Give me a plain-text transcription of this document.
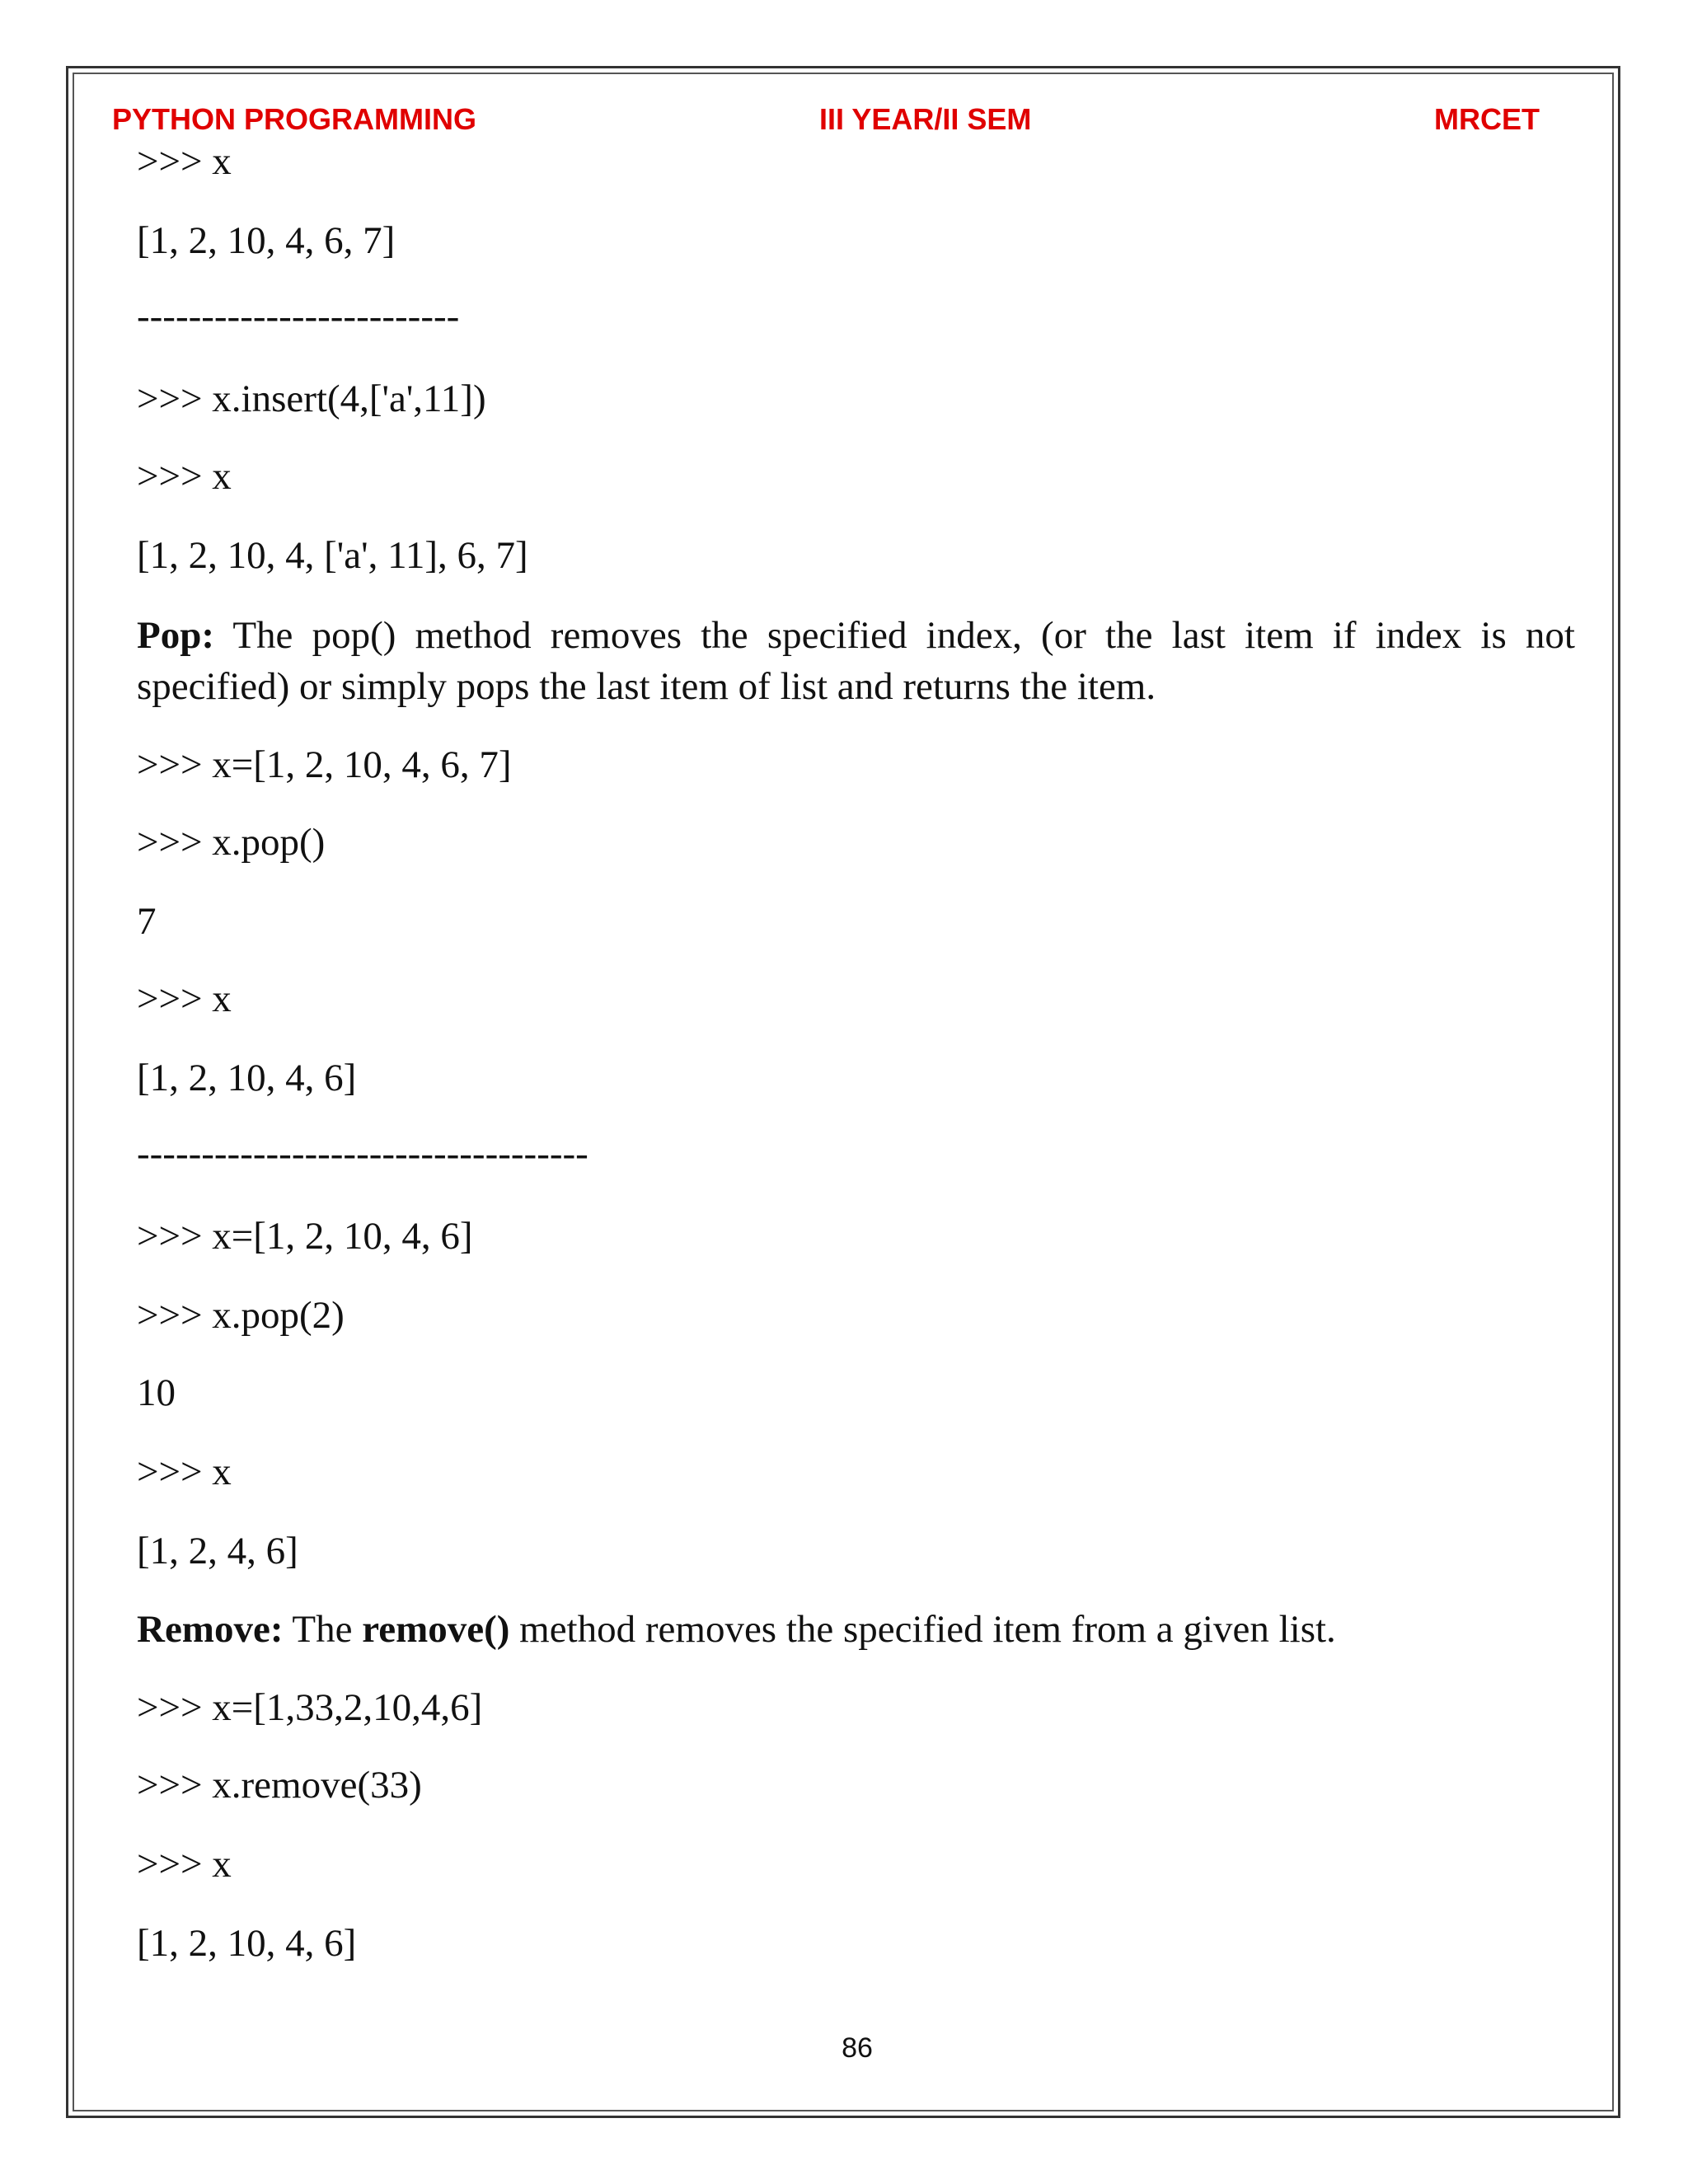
PYTHON PROGRAMMING	III YEAR/II SEM	MRCET
>>> x
[1, 2, 10, 4, 6, 7]
-------------------------
>>> x.insert(4,['a',11])
>>> x
[1, 2, 10, 4, ['a', 11], 6, 7]
Pop: The pop() method removes the specified index, (or the last item if index is not specified) or simply pops the last item of list and returns the item.
>>> x=[1, 2, 10, 4, 6, 7]
>>> x.pop()
7
>>> x
[1, 2, 10, 4, 6]
-----------------------------------
>>> x=[1, 2, 10, 4, 6]
>>> x.pop(2)
10
>>> x
[1, 2, 4, 6]
Remove: The remove() method removes the specified item from a given list.
>>> x=[1,33,2,10,4,6]
>>> x.remove(33)
>>> x
[1, 2, 10, 4, 6]
86
